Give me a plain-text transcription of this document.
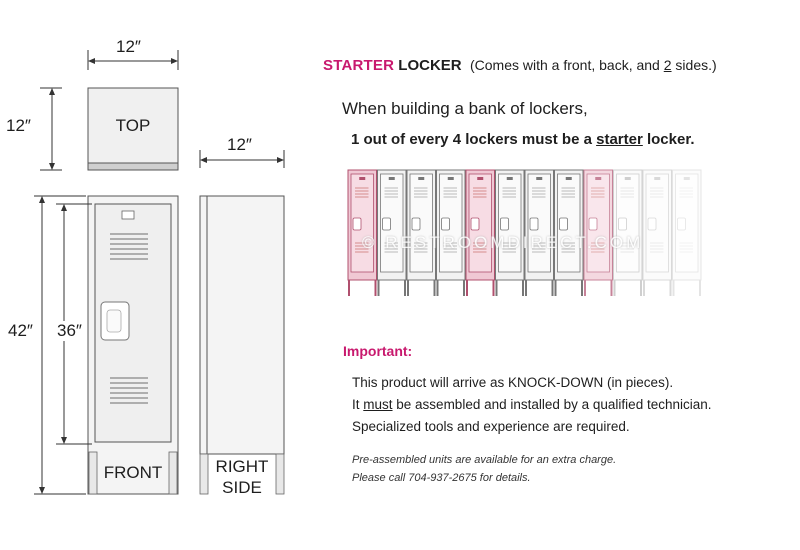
12″
12″
12″
42″ 36″
TOP
FRONT	RIGHT
SIDE
STARTER LOCKER (Comes with a front, back, and 2 sides.)
When building a bank of lockers,
1 out of every 4 lockers must be a starter locker.
© RESTROOMDIRECT.COM
Important:
This product will arrive as KNOCK-DOWN (in pieces).
It must be assembled and installed by a qualified technician.
Specialized tools and experience are required.
Pre-assembled units are available for an extra charge.
Please call 704-937-2675 for details.
